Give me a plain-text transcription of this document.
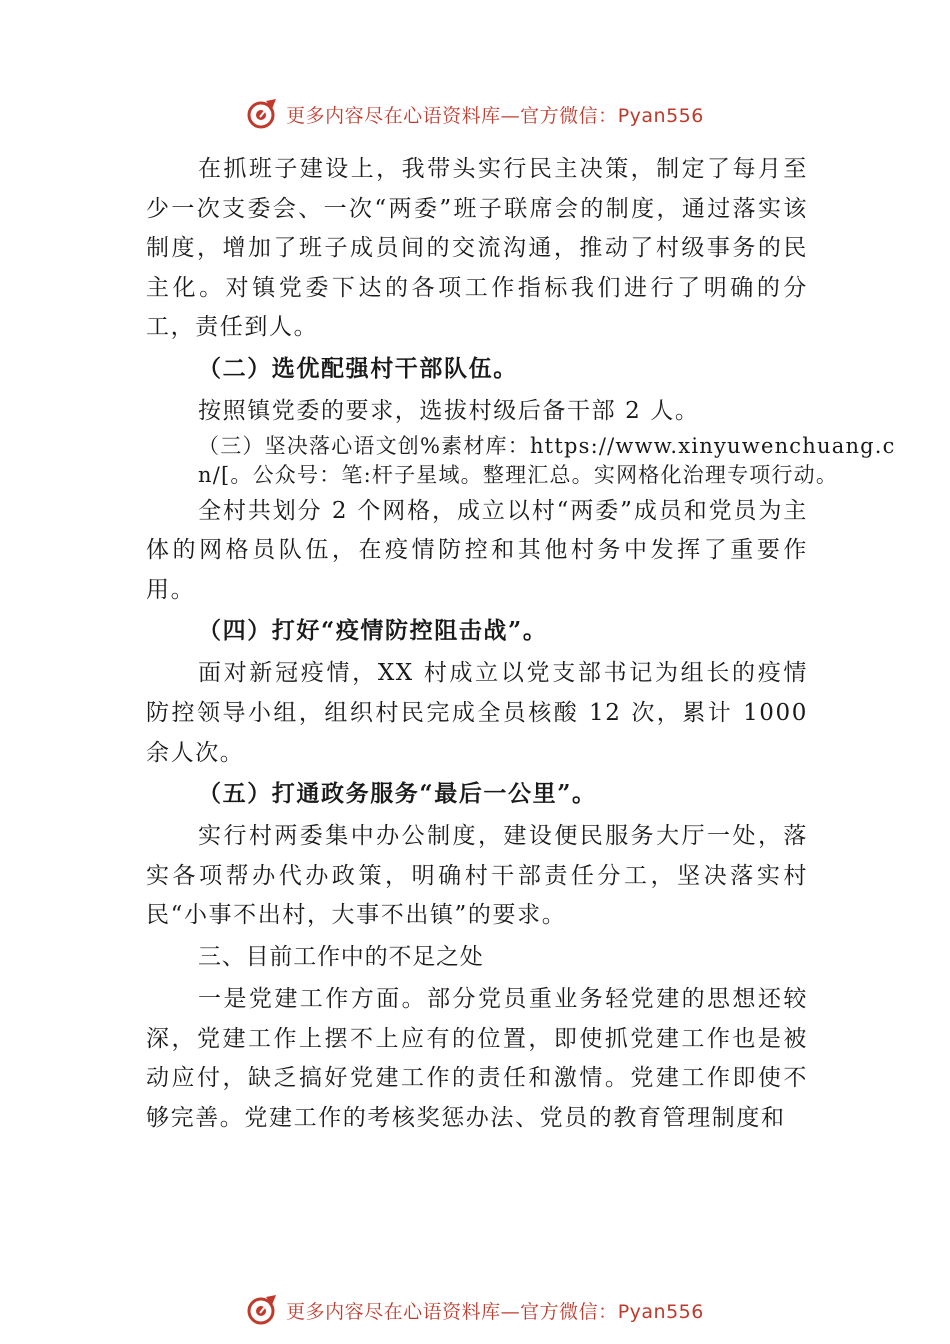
更多内容尽在心语资料库—官方微信：Pyan556

在抓班子建设上，我带头实行民主决策，制定了每月至少一次支委会、一次“两委”班子联席会的制度，通过落实该制度，增加了班子成员间的交流沟通，推动了村级事务的民主化。对镇党委下达的各项工作指标我们进行了明确的分工，责任到人。

（二）选优配强村干部队伍。

按照镇党委的要求，选拔村级后备干部 2 人。

（三）坚决落心语文创%素材库：https://www.xinyuwenchuang.cn/[。公众号：笔:杆子星域。整理汇总。实网格化治理专项行动。

全村共划分 2 个网格，成立以村“两委”成员和党员为主体的网格员队伍，在疫情防控和其他村务中发挥了重要作用。

（四）打好“疫情防控阻击战”。

面对新冠疫情，XX 村成立以党支部书记为组长的疫情防控领导小组，组织村民完成全员核酸 12 次，累计 1000 余人次。

（五）打通政务服务“最后一公里”。

实行村两委集中办公制度，建设便民服务大厅一处，落实各项帮办代办政策，明确村干部责任分工，坚决落实村民“小事不出村，大事不出镇”的要求。

三、目前工作中的不足之处

一是党建工作方面。部分党员重业务轻党建的思想还较深，党建工作上摆不上应有的位置，即使抓党建工作也是被动应付，缺乏搞好党建工作的责任和激情。党建工作即使不够完善。党建工作的考核奖惩办法、党员的教育管理制度和

更多内容尽在心语资料库—官方微信：Pyan556
